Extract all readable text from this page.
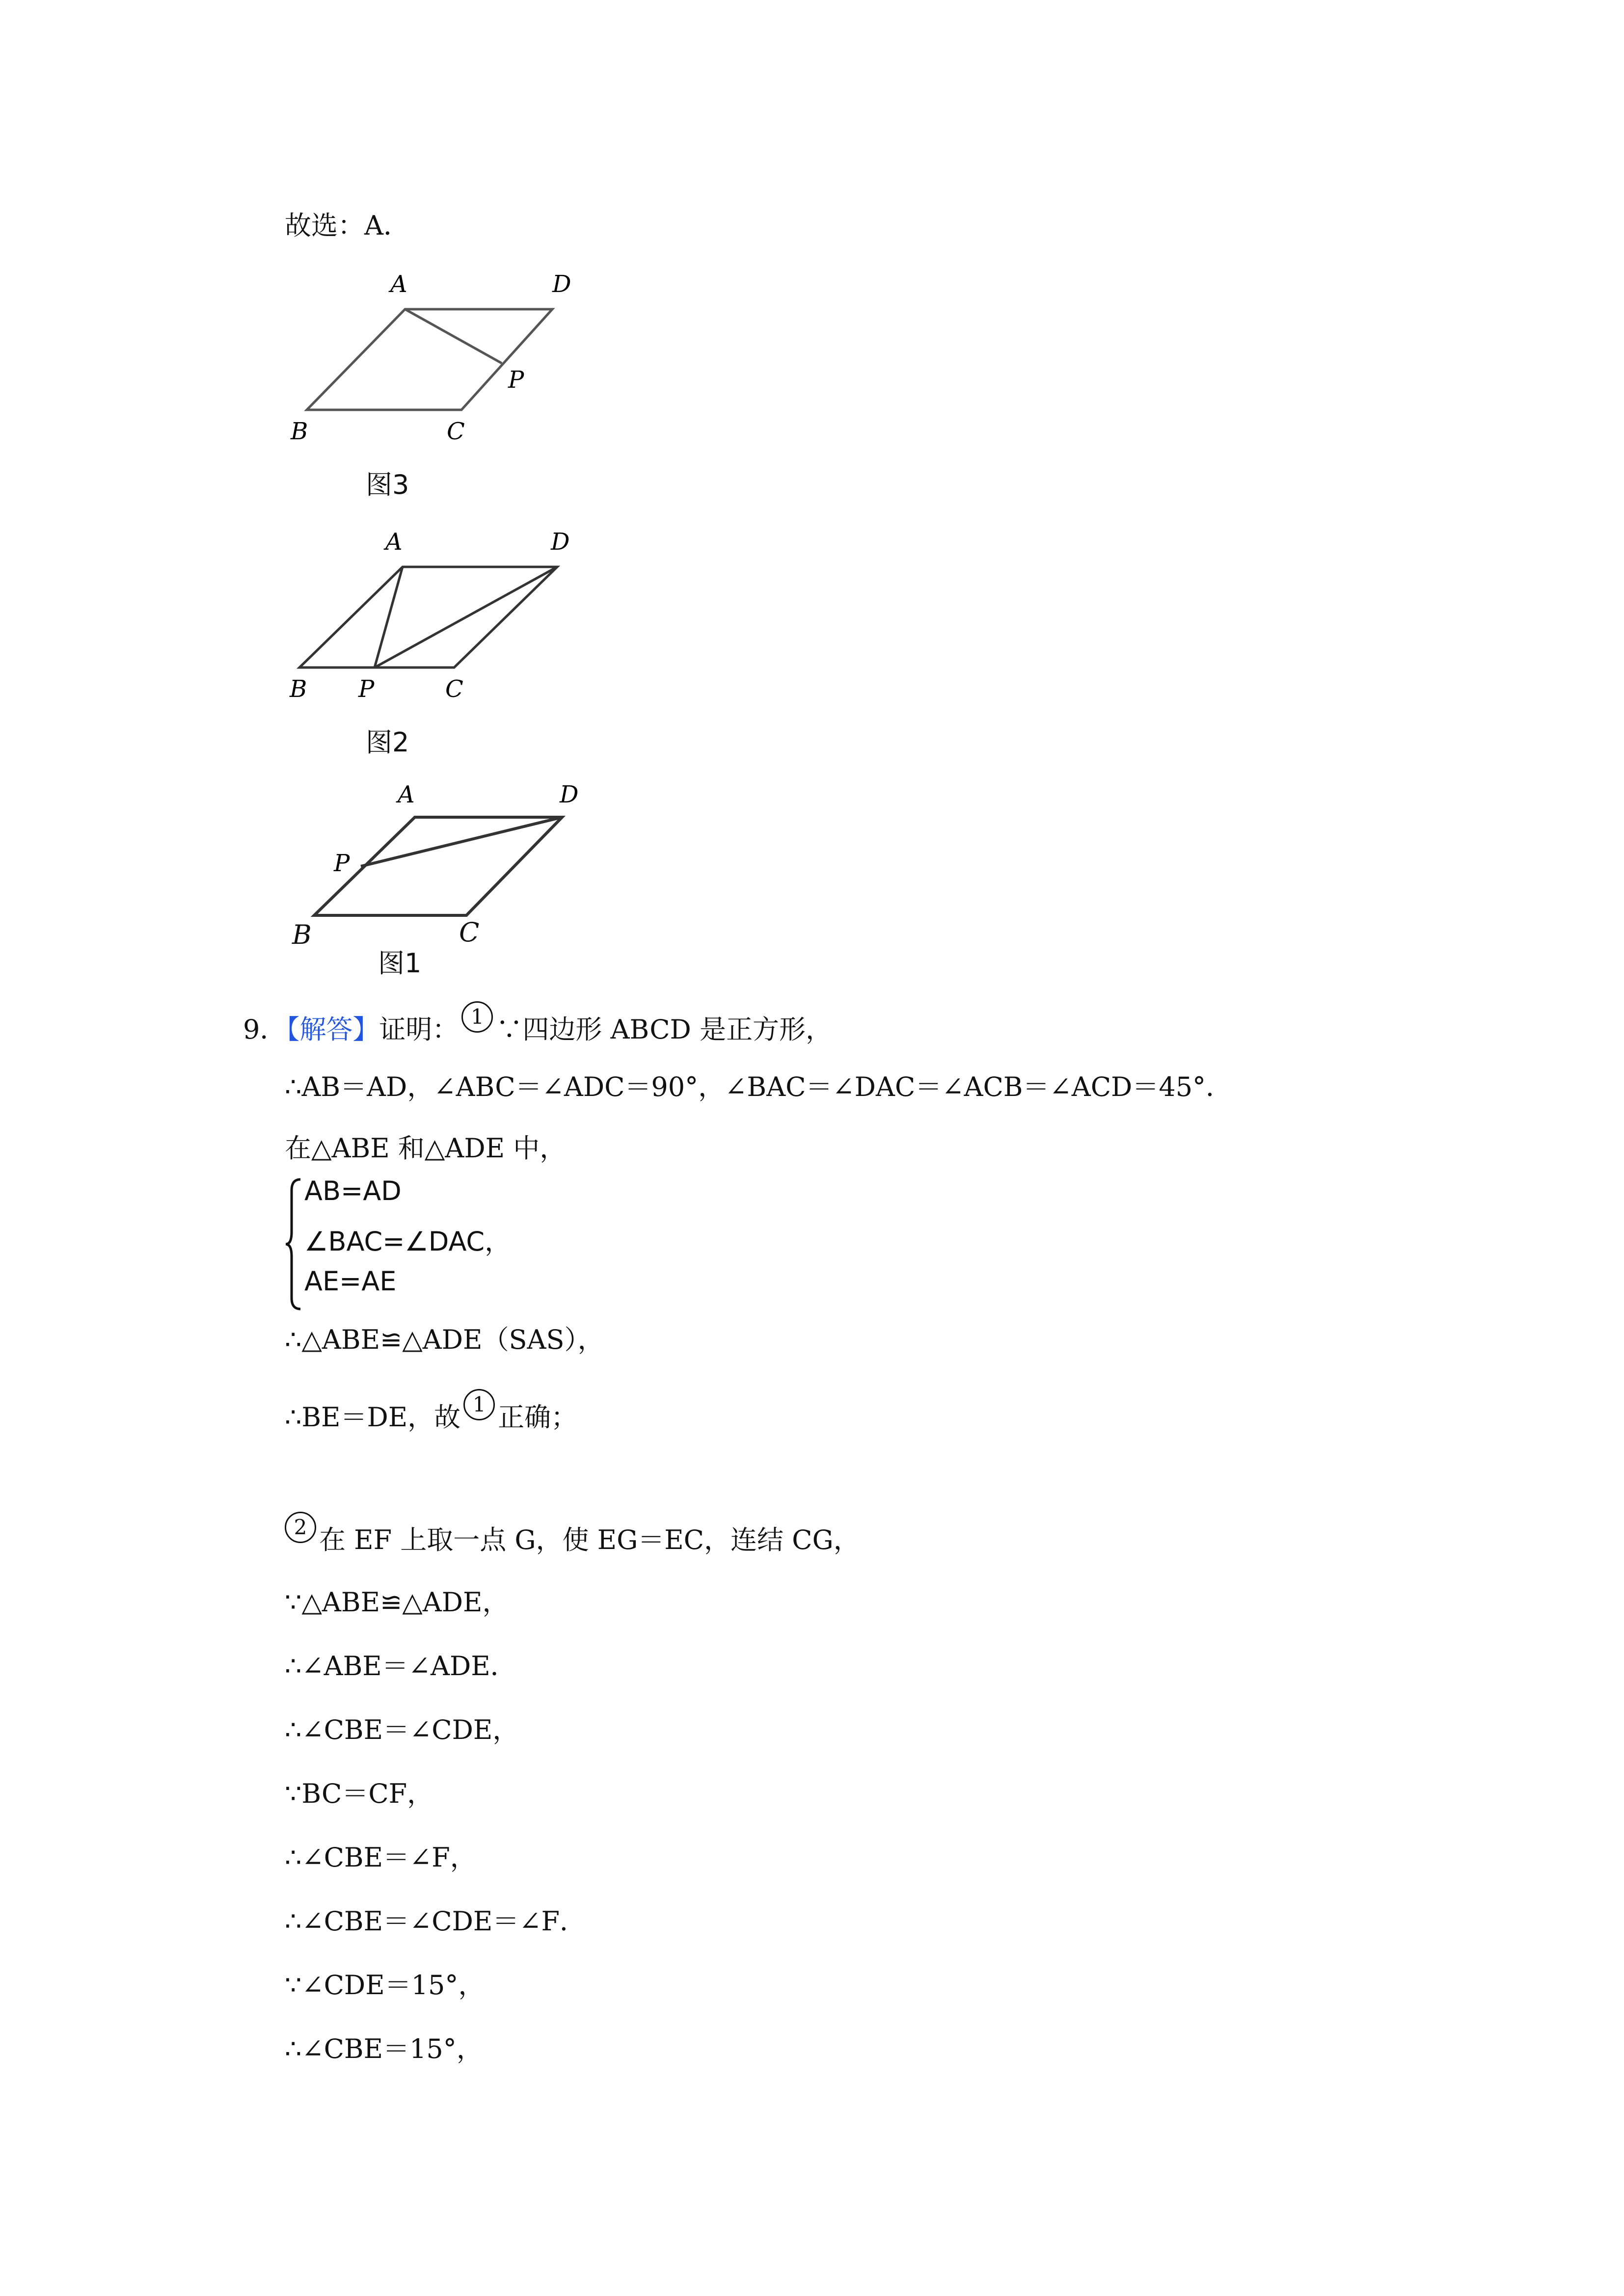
故选：A．
A	D
P
B	C
图3
A	D
B P	C
图2
A	D
P
B	C
图1
9．【解答】证明： 1 ∵四边形 ABCD 是正方形，
∴AB＝AD，∠ABC＝∠ADC＝90°，∠BAC＝∠DAC＝∠ACB＝∠ACD＝45°．
在△ABE 和△ADE 中，
AB=AD
∠BAC=∠DAC，
AE=AE
∴△ABE≌△ADE（SAS），
∴BE＝DE，故 1 正确；
2 在 EF 上取一点 G，使 EG＝EC，连结 CG，
∵△ABE≌△ADE，
∴∠ABE＝∠ADE．
∴∠CBE＝∠CDE，
∵BC＝CF，
∴∠CBE＝∠F，
∴∠CBE＝∠CDE＝∠F．
∵∠CDE＝15°，
∴∠CBE＝15°，
